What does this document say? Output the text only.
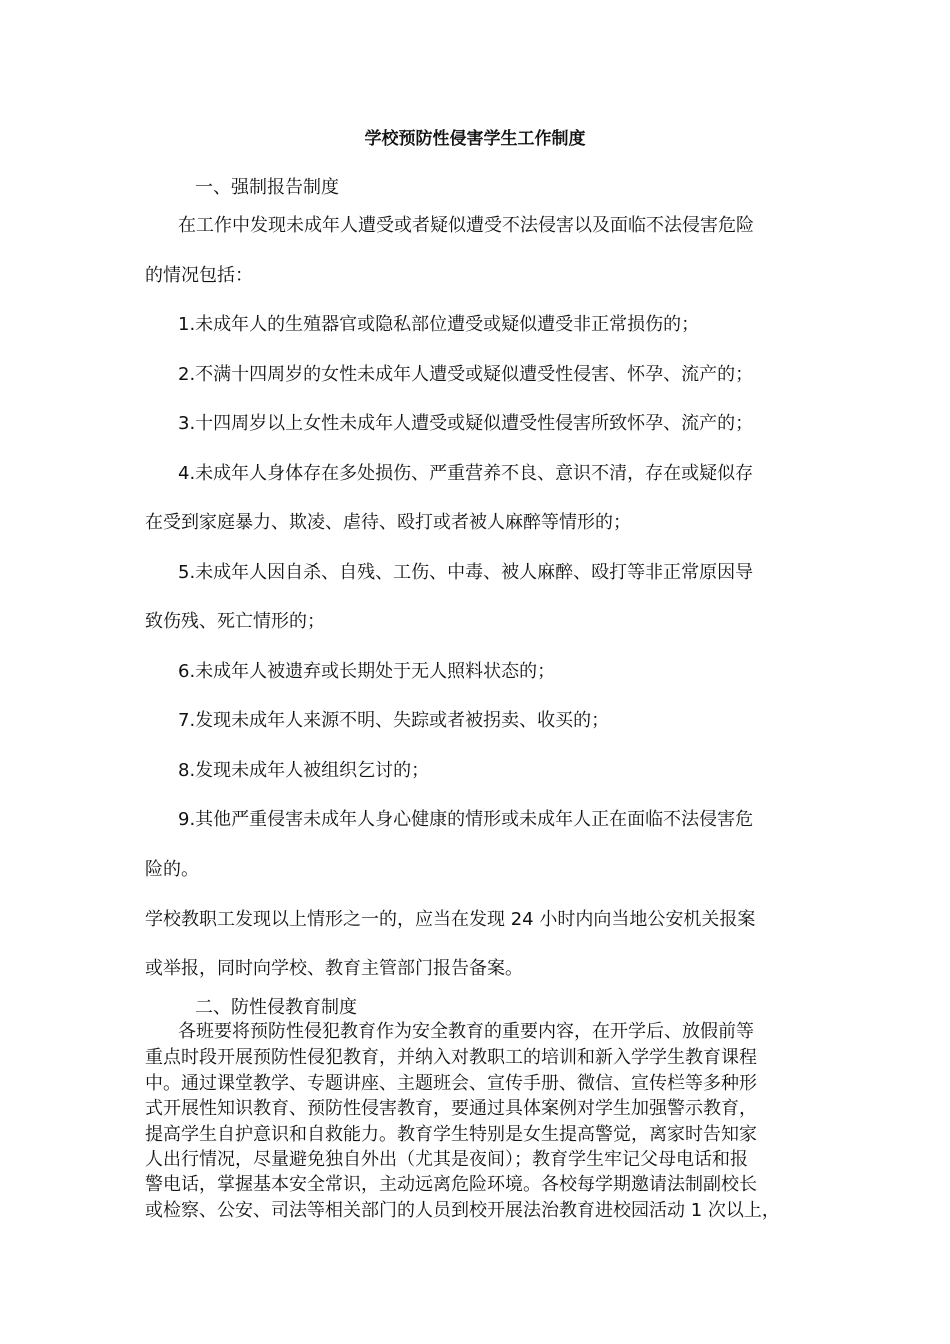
学校预防性侵害学生工作制度
一、强制报告制度
在工作中发现未成年人遭受或者疑似遭受不法侵害以及面临不法侵害危险
的情况包括：
1.未成年人的生殖器官或隐私部位遭受或疑似遭受非正常损伤的；
2.不满十四周岁的女性未成年人遭受或疑似遭受性侵害、怀孕、流产的；
3.十四周岁以上女性未成年人遭受或疑似遭受性侵害所致怀孕、流产的；
4.未成年人身体存在多处损伤、严重营养不良、意识不清，存在或疑似存
在受到家庭暴力、欺凌、虐待、殴打或者被人麻醉等情形的；
5.未成年人因自杀、自残、工伤、中毒、被人麻醉、殴打等非正常原因导
致伤残、死亡情形的；
6.未成年人被遗弃或长期处于无人照料状态的；
7.发现未成年人来源不明、失踪或者被拐卖、收买的；
8.发现未成年人被组织乞讨的；
9.其他严重侵害未成年人身心健康的情形或未成年人正在面临不法侵害危
险的。
学校教职工发现以上情形之一的，应当在发现 24 小时内向当地公安机关报案
或举报，同时向学校、教育主管部门报告备案。
二、防性侵教育制度
各班要将预防性侵犯教育作为安全教育的重要内容，在开学后、放假前等
重点时段开展预防性侵犯教育，并纳入对教职工的培训和新入学学生教育课程
中。通过课堂教学、专题讲座、主题班会、宣传手册、微信、宣传栏等多种形
式开展性知识教育、预防性侵害教育，要通过具体案例对学生加强警示教育，
提高学生自护意识和自救能力。教育学生特别是女生提高警觉，离家时告知家
人出行情况，尽量避免独自外出（尤其是夜间）；教育学生牢记父母电话和报
警电话，掌握基本安全常识，主动远离危险环境。各校每学期邀请法制副校长
或检察、公安、司法等相关部门的人员到校开展法治教育进校园活动 1 次以上，
